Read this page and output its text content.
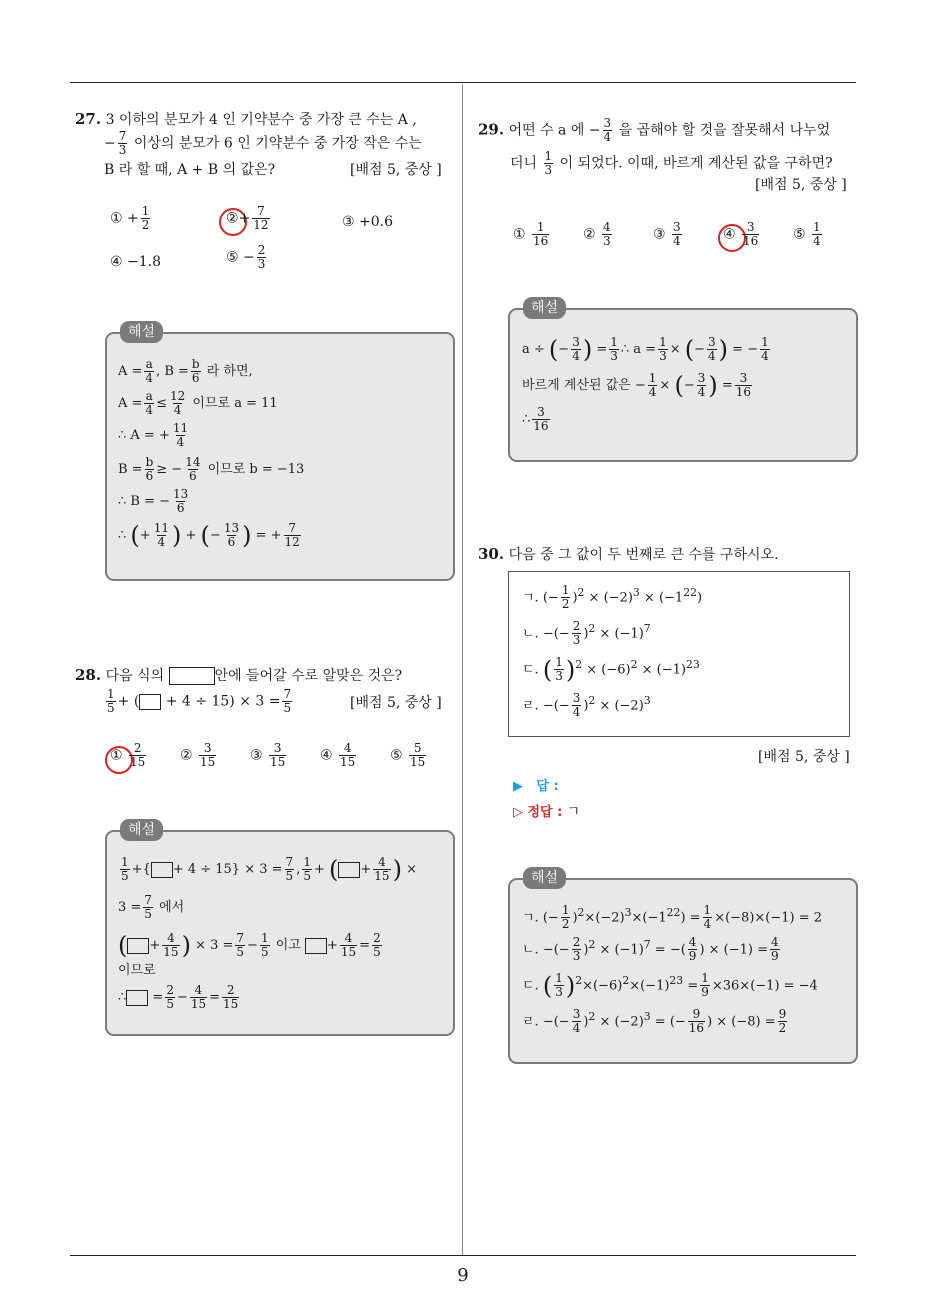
9
27. 3 이하의 분모가 4 인 기약분수 중 가장 큰 수는 A ,
− $\frac{7}{3}$ 이상의 분모가 6 인 기약분수 중 가장 작은 수는
B 라 할 때, A + B 의 값은?	[배점 5, 중상 ]
① + $\frac{1}{2}$	②+ $\frac{7}{12}$	③ +0.6
④ −1.8	⑤ − $\frac{2}{3}$
해설
$A = \frac{a}{4}$ , $B = \frac{b}{6}$ 라 하면,
$A = \frac{a}{4} \le \frac{12}{4}$ 이므로 a = 11
∴ A = + $\frac{11}{4}$
$B = \frac{b}{6}$ ≥ − $\frac{14}{6}$ 이므로 b = −13
∴ B = − $\frac{13}{6}$
∴ (+ $\frac{11}{4}$ ) + (− $\frac{13}{6}$ ) = + $\frac{7}{12}$
28. 다음 식의	안에 들어갈 수로 알맞은 것은?
$\frac{1}{5}$ + ( + $4 \div 15) \times 3 = \frac{7}{5}$	[배점 5, 중상 ]
① $\frac{2}{15}$ ② $\frac{3}{15}$ ③ $\frac{3}{15}$ ④ $\frac{4}{15}$ ⑤ $\frac{5}{15}$
해설
$\frac{1}{5}$ +{ + $4 \div 15\} \times 3 = \frac{7}{5}$ , $\frac{1}{5}$ + ( + $\frac{4}{15}$ ) ×
$3 = \frac{7}{5}$ 에서
( + $\frac{4}{15}$ ) × $3 = \frac{7}{5} - \frac{1}{5}$ 이고 + $\frac{4}{15} = \frac{2}{5}$
이므로
∴ = $\frac{2}{5} - \frac{4}{15} = \frac{2}{15}$
29. 어떤 수 a 에 − $\frac{3}{4}$ 을 곱해야 할 것을 잘못해서 나누었
더니 $\frac{1}{3}$ 이 되었다. 이때, 바르게 계산된 값을 구하면?
[배점 5, 중상 ]
① $\frac{1}{16}$ ② $\frac{4}{3}$	③ $\frac{3}{4}$	④ $\frac{3}{16}$ ⑤ $\frac{1}{4}$
해설
a ÷ (− $\frac{3}{4}$ ) = $\frac{1}{3}$ ∴ $a = \frac{1}{3}$ × (− $\frac{3}{4}$ ) = − $\frac{1}{4}$
바르게 계산된 값은 − $\frac{1}{4}$ × (− $\frac{3}{4}$ ) = $\frac{3}{16}$
∴ $\frac{3}{16}$
30. 다음 중 그 값이 두 번째로 큰 수를 구하시오.
ㄱ. (− $\frac{1}{2} )^2 \times (-2)^3 \times (-1^{22})$
ㄴ. −(− $\frac{2}{3} )^2 \times (-1)^7$
ㄷ. ( $\frac{1}{3} )^2 \times (-6)^2 \times (-1)^{23}$
ㄹ. −(− $\frac{3}{4} )^2 \times (-2)^3$
[배점 5, 중상 ]
▶ 답 :
▷ 정답 : ㄱ
해설
ㄱ. (− $\frac{1}{2} )^2\times(-2)^3\times(-1^{22}) = \frac{1}{4} \times(-8)\times(-1) = 2$
ㄴ. −(− $\frac{2}{3} )^2 \times (-1)^7$ = −( $\frac{4}{9}$ ) × $(-1) = \frac{4}{9}$
ㄷ. ( $\frac{1}{3} )^2\times(-6)^2\times(-1)^{23} = \frac{1}{9} \times 36\times(-1) = -4$
ㄹ. −(− $\frac{3}{4} )^2 \times (-2)^3$ = (− $\frac{9}{16}$ ) × $(-8) = \frac{9}{2}$
